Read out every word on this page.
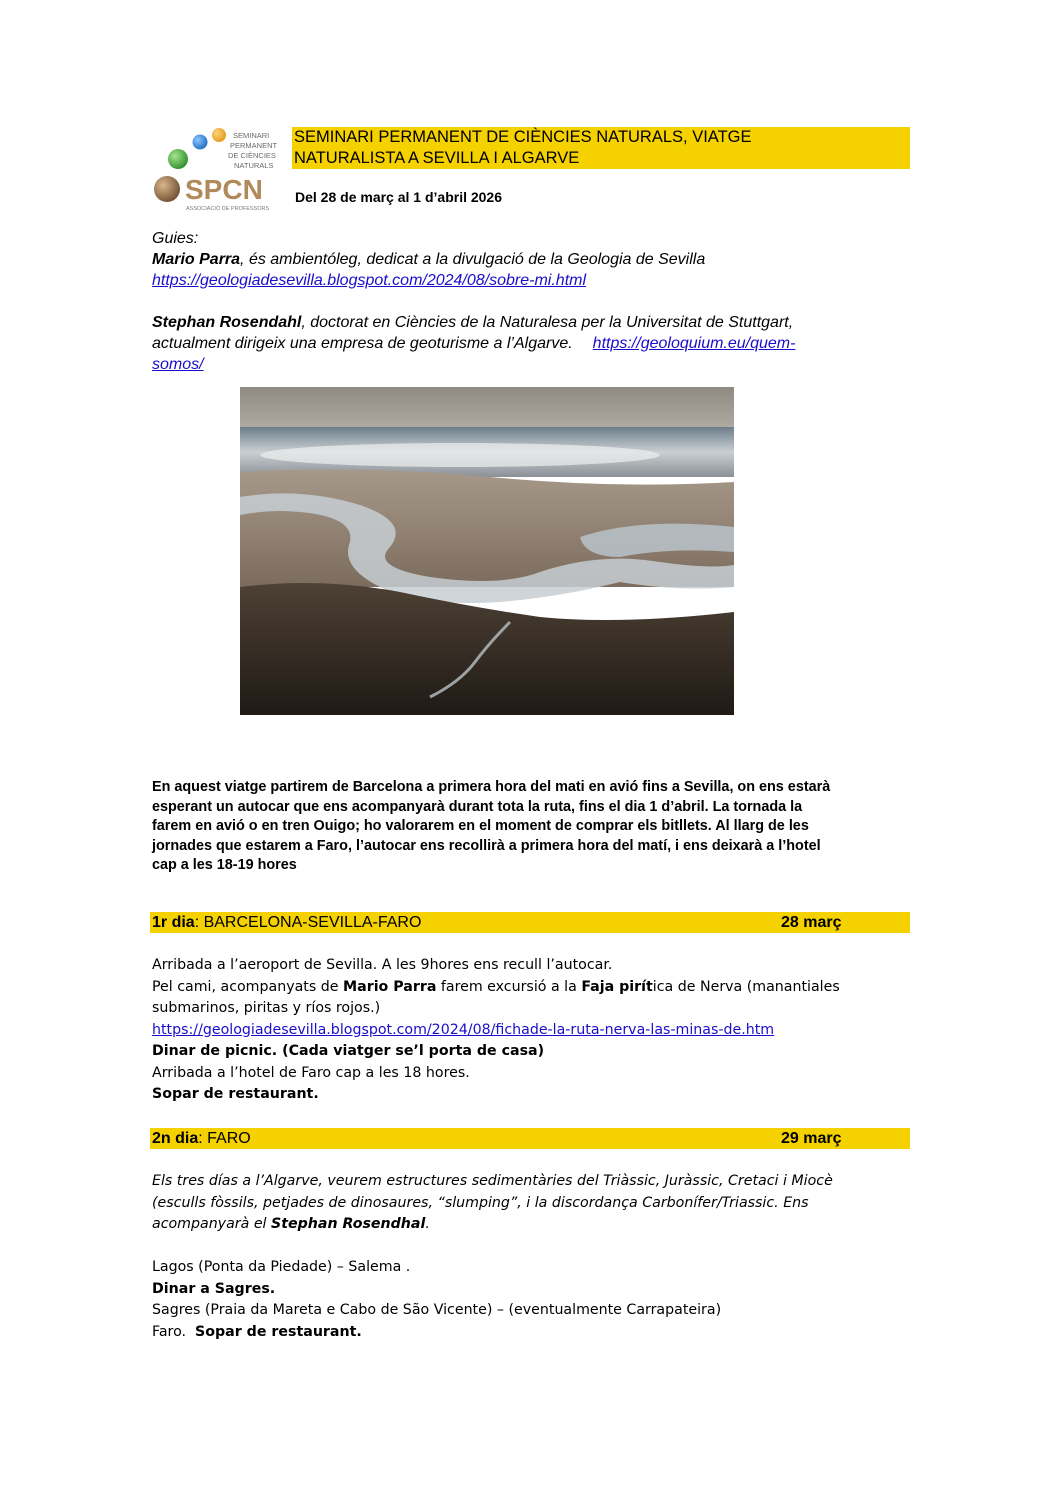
SEMINARI
PERMANENT
DE CIÈNCIES
NATURALS
SPCN
ASSOCIACIÓ DE PROFESSORS
SEMINARI PERMANENT DE CIÈNCIES NATURALS, VIATGE
NATURALISTA A SEVILLA I ALGARVE
Del 28 de març al 1 d’abril 2026

Guies:

Mario Parra, és ambientóleg, dedicat a la divulgació de la Geologia de Sevilla

https://geologiadesevilla.blogspot.com/2024/08/sobre-mi.html

Stephan Rosendahl, doctorat en Ciències de la Naturalesa per la Universitat de Stuttgart,

actualment dirigeix una empresa de geoturisme a l’Algarve. https://geoloquium.eu/quem-

somos/

En aquest viatge partirem de Barcelona a primera hora del mati en avió fins a Sevilla, on ens estarà
esperant un autocar que ens acompanyarà durant tota la ruta, fins el dia 1 d’abril. La tornada la
farem en avió o en tren Ouigo; ho valorarem en el moment de comprar els bitllets. Al llarg de les
jornades que estarem a Faro, l’autocar ens recollirà a primera hora del matí, i ens deixarà a l’hotel
cap a les 18-19 hores
1r dia: BARCELONA-SEVILLA-FARO	28 març

Arribada a l’aeroport de Sevilla. A les 9hores ens recull l’autocar.

Pel cami, acompanyats de Mario Parra farem excursió a la Faja pirítica de Nerva (manantiales

submarinos, piritas y ríos rojos.)

https://geologiadesevilla.blogspot.com/2024/08/fichade-la-ruta-nerva-las-minas-de.htm

Dinar de picnic. (Cada viatger se’l porta de casa)

Arribada a l’hotel de Faro cap a les 18 hores.

Sopar de restaurant.

2n dia: FARO	29 març

Els tres días a l’Algarve, veurem estructures sedimentàries del Triàssic, Juràssic, Cretaci i Miocè

(esculls fòssils, petjades de dinosaures, “slumping”, i la discordança Carbonífer/Triassic. Ens

acompanyarà el Stephan Rosendhal.

Lagos (Ponta da Piedade) – Salema .

Dinar a Sagres.

Sagres (Praia da Mareta e Cabo de São Vicente) – (eventualmente Carrapateira)

Faro.  Sopar de restaurant.
